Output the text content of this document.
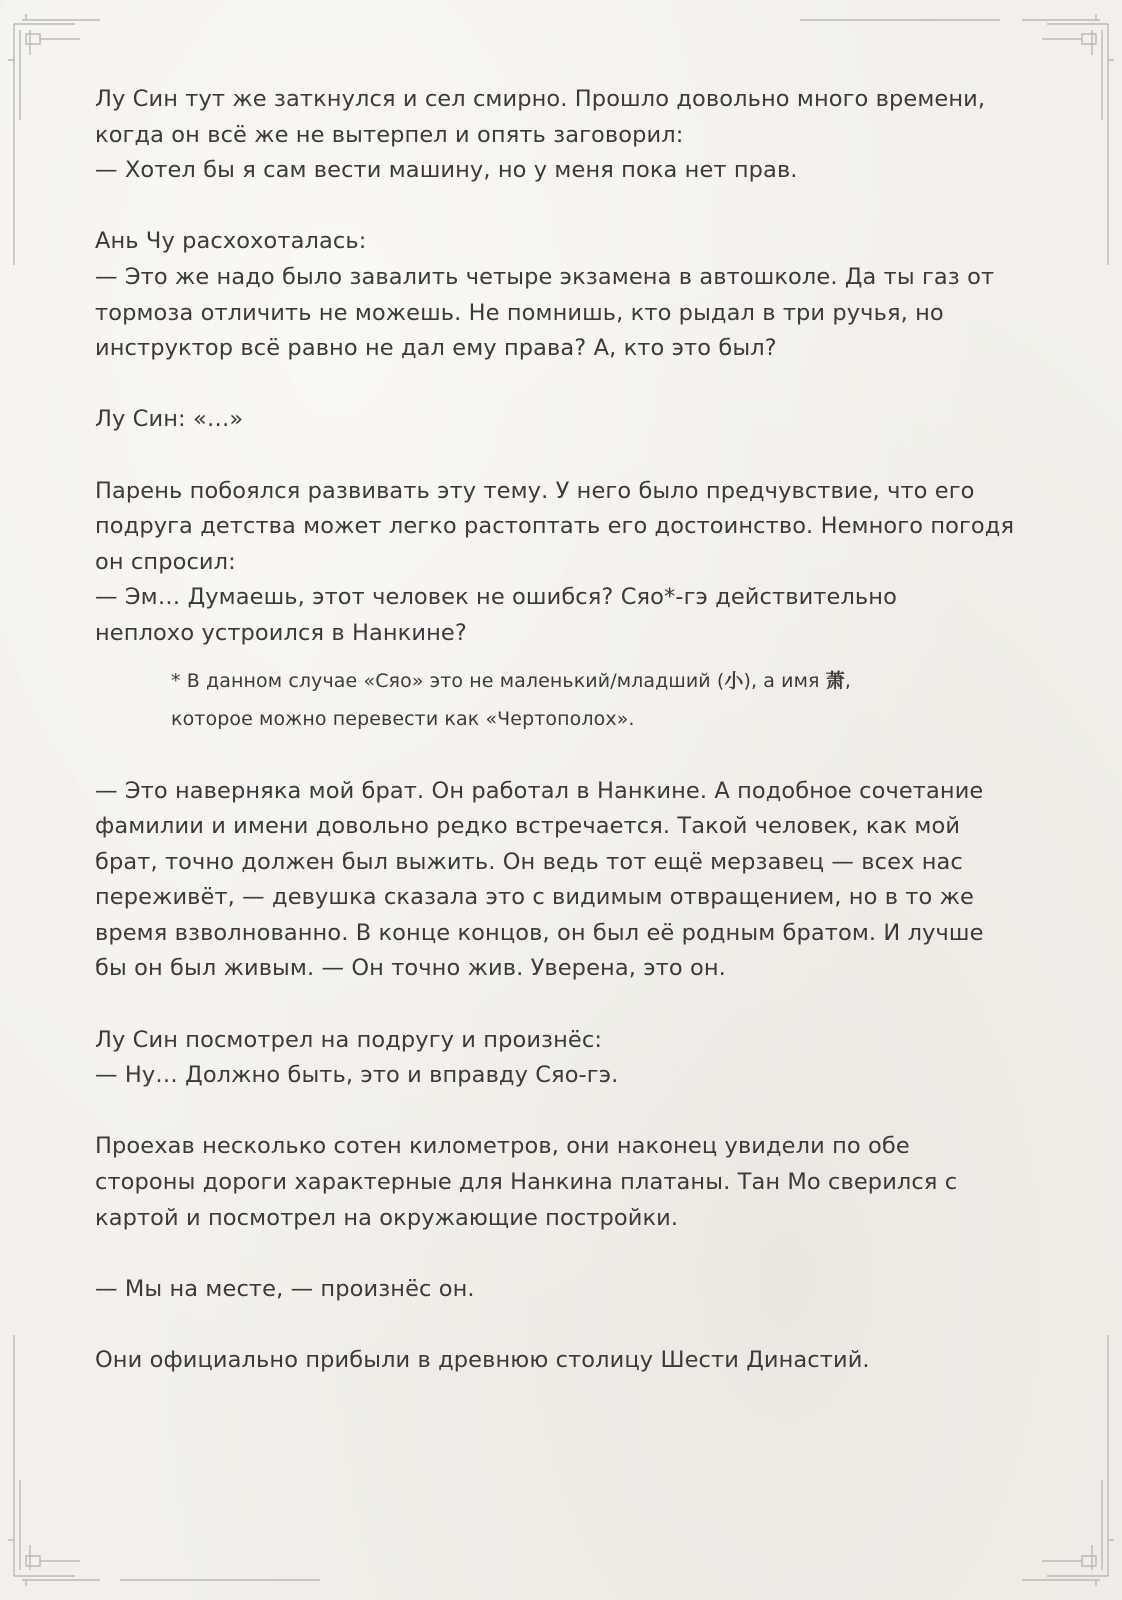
Лу Син тут же заткнулся и сел смирно. Прошло довольно много времени,
когда он всё же не вытерпел и опять заговорил:
— Хотел бы я сам вести машину, но у меня пока нет прав.

Ань Чу расхохоталась:
— Это же надо было завалить четыре экзамена в автошколе. Да ты газ от
тормоза отличить не можешь. Не помнишь, кто рыдал в три ручья, но
инструктор всё равно не дал ему права? А, кто это был?

Лу Син: «…»

Парень побоялся развивать эту тему. У него было предчувствие, что его
подруга детства может легко растоптать его достоинство. Немного погодя
он спросил:
— Эм… Думаешь, этот человек не ошибся? Сяо*-гэ действительно
неплохо устроился в Нанкине?

* В данном случае «Сяо» это не маленький/младший (小), а имя 萧,
которое можно перевести как «Чертополох».

— Это наверняка мой брат. Он работал в Нанкине. А подобное сочетание
фамилии и имени довольно редко встречается. Такой человек, как мой
брат, точно должен был выжить. Он ведь тот ещё мерзавец — всех нас
переживёт, — девушка сказала это с видимым отвращением, но в то же
время взволнованно. В конце концов, он был её родным братом. И лучше
бы он был живым. — Он точно жив. Уверена, это он.

Лу Син посмотрел на подругу и произнёс:
— Ну… Должно быть, это и вправду Сяо-гэ.

Проехав несколько сотен километров, они наконец увидели по обе
стороны дороги характерные для Нанкина платаны. Тан Мо сверился с
картой и посмотрел на окружающие постройки.

— Мы на месте, — произнёс он.

Они официально прибыли в древнюю столицу Шести Династий.
